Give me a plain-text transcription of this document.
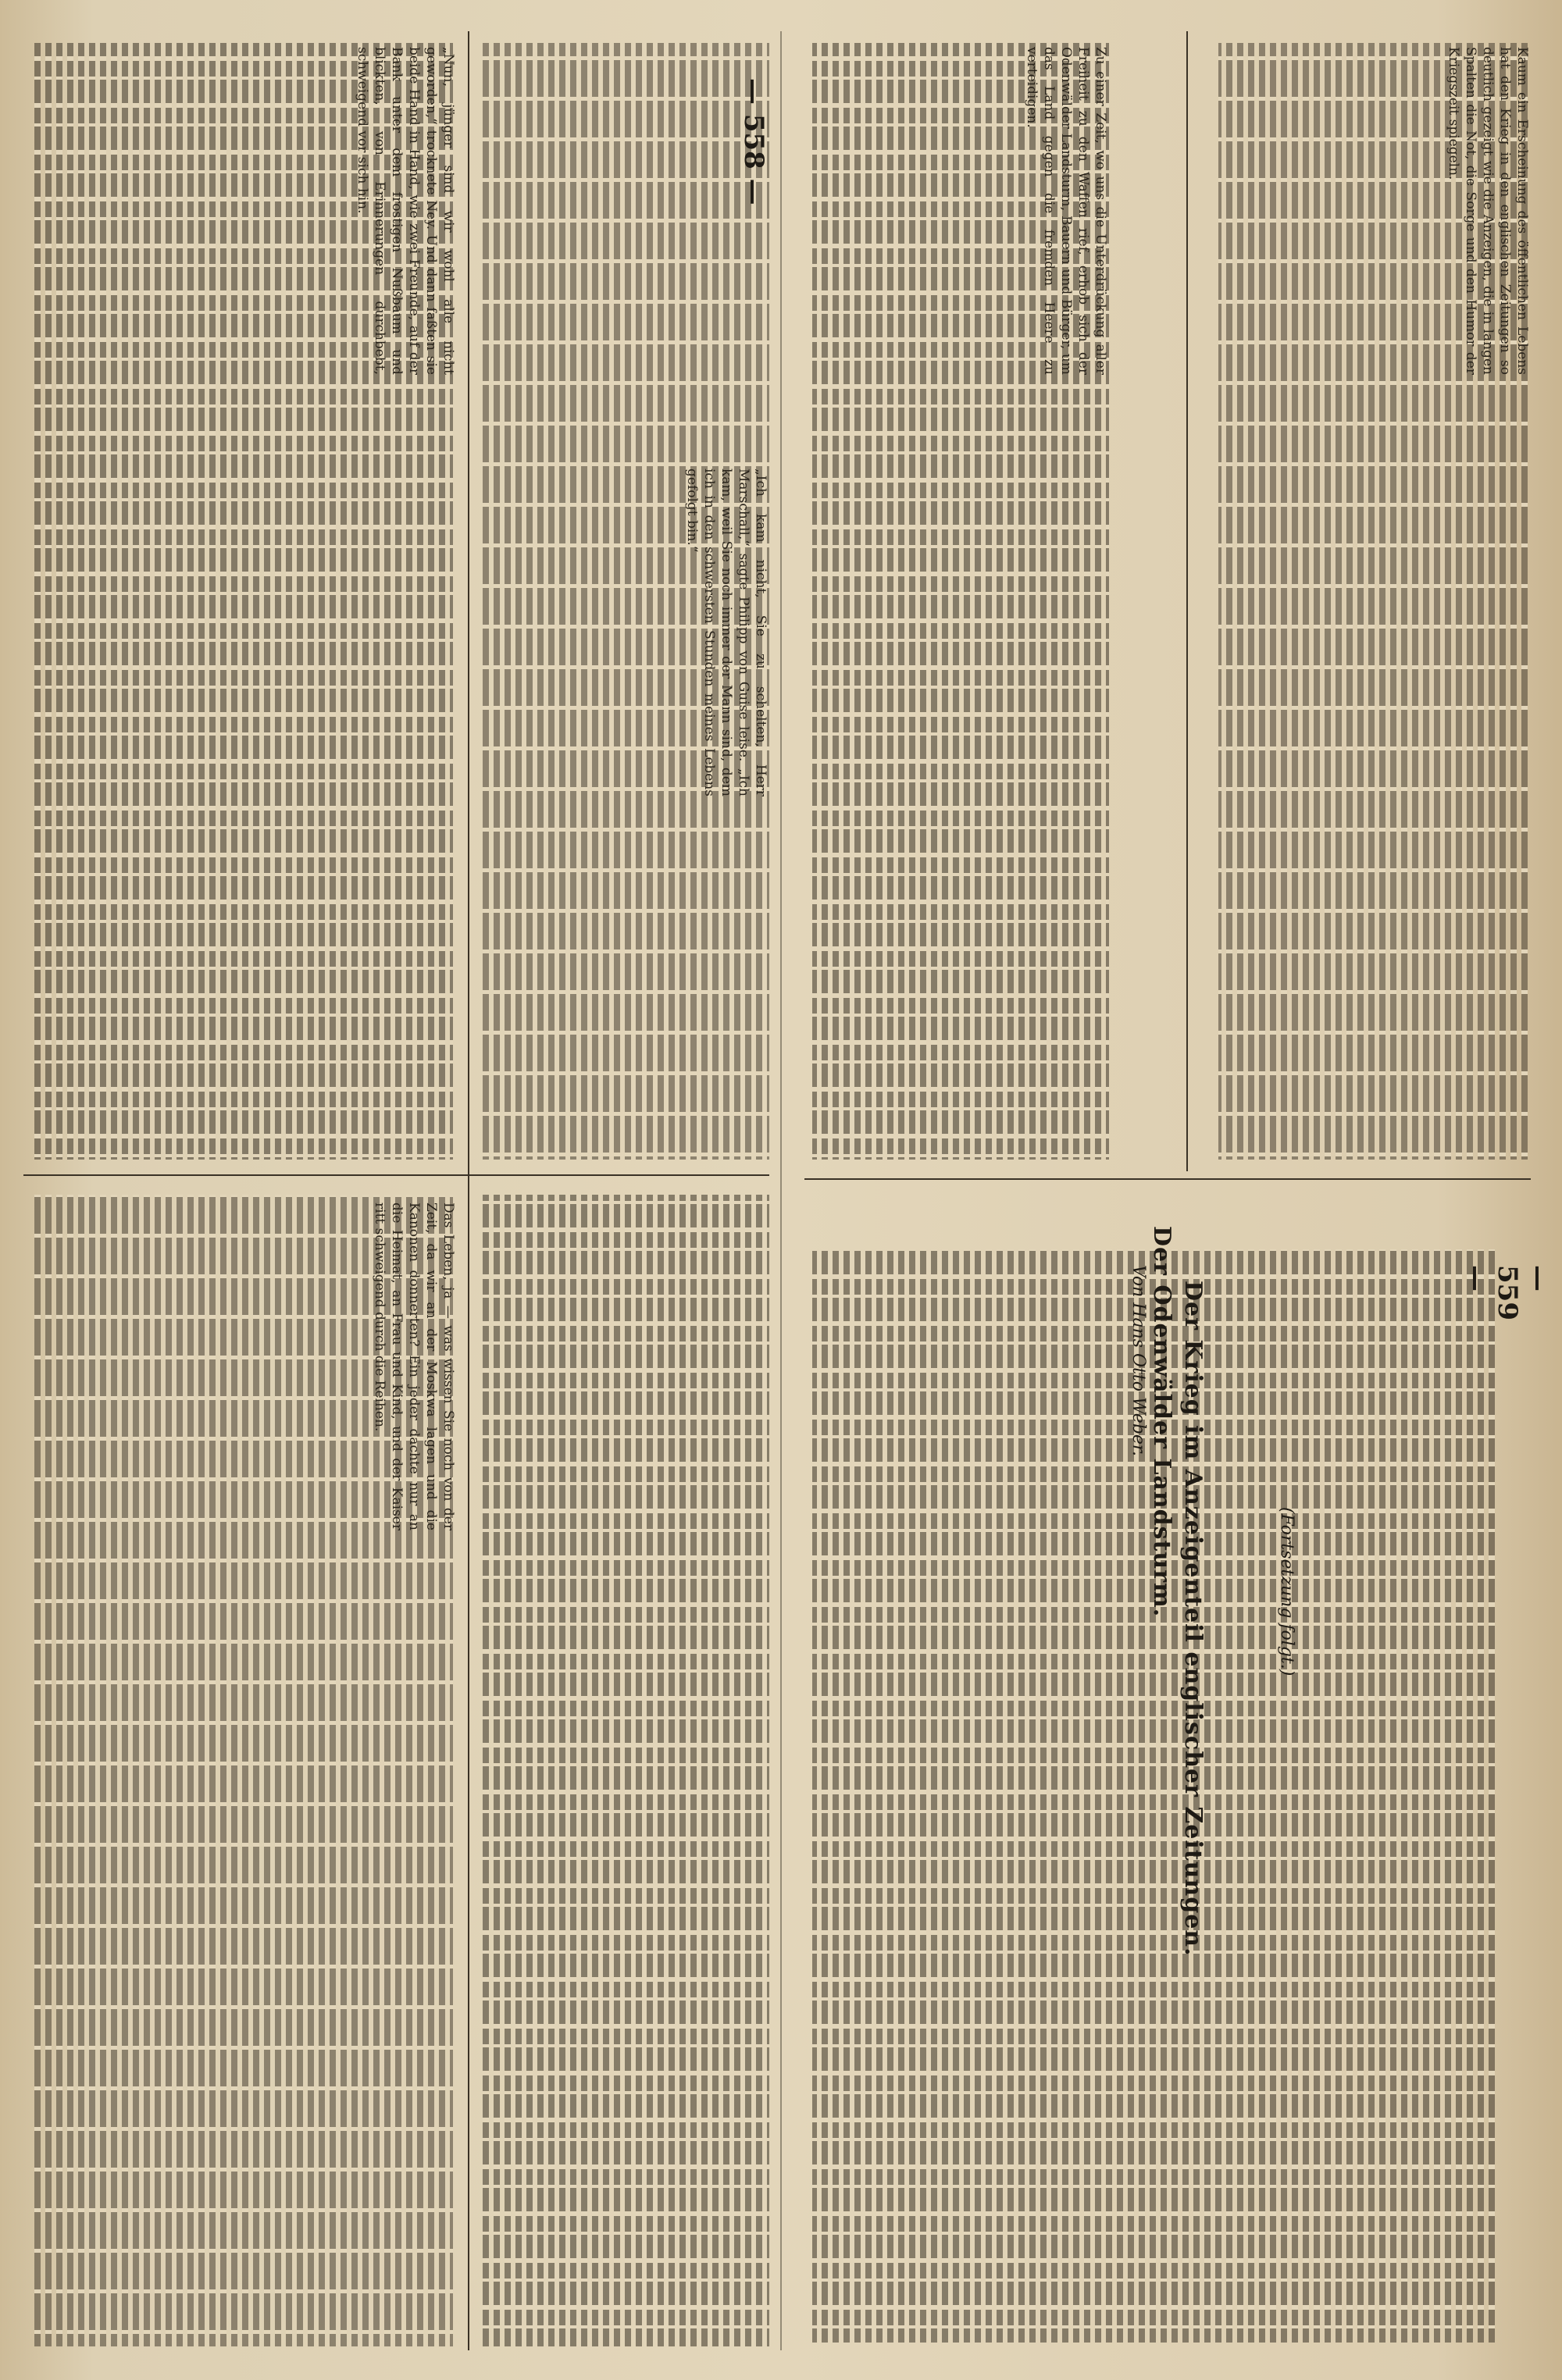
— 558 —
— 559 —
Der Odenwälder Landsturm.
Von Hans Otto Weber.
(Fortsetzung folgt.)
Der Krieg im Anzeigenteil englischer Zeitungen.
„Nun, jünger sind wir wohl alle nicht geworden,“ trocknete Ney. Und dann faßten sie beide Hand in Hand, wie zwei Freunde, auf der Bank unter dem frostigen Nußbaum und blickten, von Erinnerungen durchbebt, schweigend vor sich hin.
„Ich kam nicht, Sie zu schelten, Herr Marschall,“ sagte Philipp von Guise leise. „Ich kam, weil Sie noch immer der Mann sind, dem ich in den schwersten Stunden meines Lebens gefolgt bin.“
Das Leben, ja — was wissen Sie noch von der Zeit, da wir an der Moskwa lagen und die Kanonen donnerten? Ein jeder dachte nur an die Heimat, an Frau und Kind, und der Kaiser ritt schweigend durch die Reihen.
Zu einer Zeit, wo uns die Unterdrückung aller Freiheit zu den Waffen rief, erhob sich der Odenwälder Landsturm, Bauern und Bürger, um das Land gegen die fremden Heere zu verteidigen.	Kaum ein Erscheinung des öffentlichen Lebens hat den Krieg in den englischen Zeitungen so deutlich gezeigt wie die Anzeigen, die in langen Spalten die Not, die Sorge und den Humor der Kriegszeit spiegeln.
